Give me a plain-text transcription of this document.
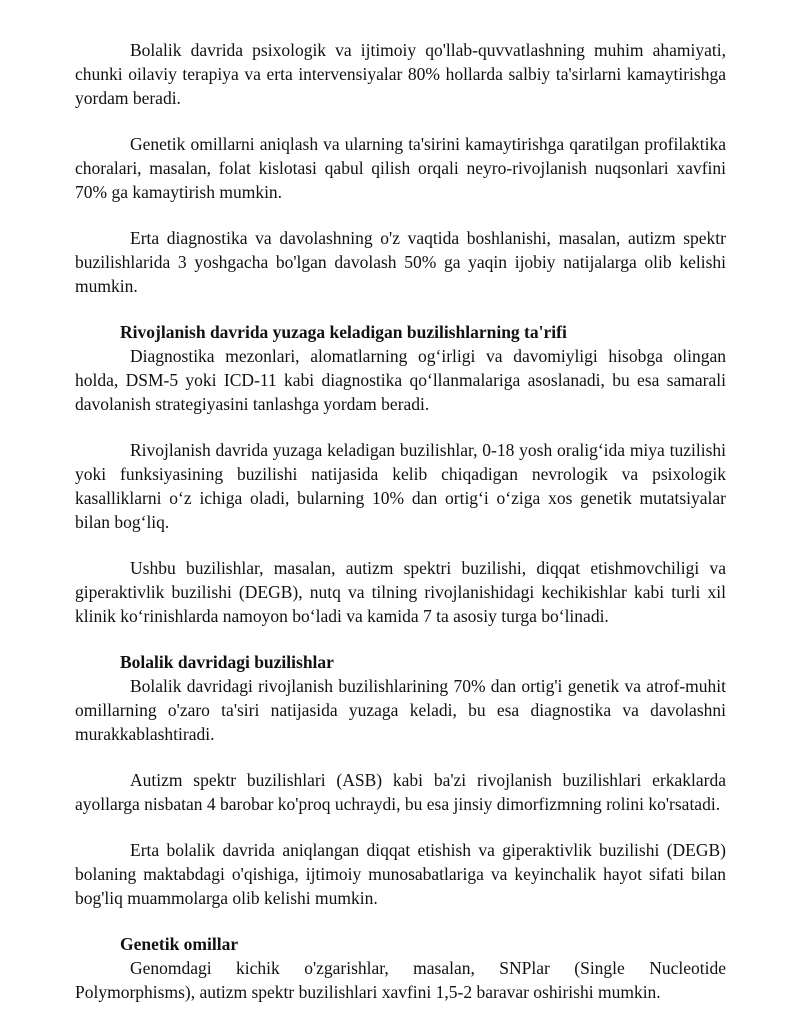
Bolalik davrida psixologik va ijtimoiy qo'llab-quvvatlashning muhim ahamiyati, chunki oilaviy terapiya va erta intervensiyalar 80% hollarda salbiy ta'sirlarni kamaytirishga yordam beradi.

Genetik omillarni aniqlash va ularning ta'sirini kamaytirishga qaratilgan profilaktika choralari, masalan, folat kislotasi qabul qilish orqali neyro-rivojlanish nuqsonlari xavfini 70% ga kamaytirish mumkin.

Erta diagnostika va davolashning o'z vaqtida boshlanishi, masalan, autizm spektr buzilishlarida 3 yoshgacha bo'lgan davolash 50% ga yaqin ijobiy natijalarga olib kelishi mumkin.

Rivojlanish davrida yuzaga keladigan buzilishlarning ta'rifi

Diagnostika mezonlari, alomatlarning og‘irligi va davomiyligi hisobga olingan holda, DSM-5 yoki ICD-11 kabi diagnostika qo‘llanmalariga asoslanadi, bu esa samarali davolanish strategiyasini tanlashga yordam beradi.

Rivojlanish davrida yuzaga keladigan buzilishlar, 0-18 yosh oralig‘ida miya tuzilishi yoki funksiyasining buzilishi natijasida kelib chiqadigan nevrologik va psixologik kasalliklarni o‘z ichiga oladi, bularning 10% dan ortig‘i o‘ziga xos genetik mutatsiyalar bilan bog‘liq.

Ushbu buzilishlar, masalan, autizm spektri buzilishi, diqqat etishmovchiligi va giperaktivlik buzilishi (DEGB), nutq va tilning rivojlanishidagi kechikishlar kabi turli xil klinik ko‘rinishlarda namoyon bo‘ladi va kamida 7 ta asosiy turga bo‘linadi.

Bolalik davridagi buzilishlar

Bolalik davridagi rivojlanish buzilishlarining 70% dan ortig'i genetik va atrof-muhit omillarning o'zaro ta'siri natijasida yuzaga keladi, bu esa diagnostika va davolashni murakkablashtiradi.

Autizm spektr buzilishlari (ASB) kabi ba'zi rivojlanish buzilishlari erkaklarda ayollarga nisbatan 4 barobar ko'proq uchraydi, bu esa jinsiy dimorfizmning rolini ko'rsatadi.

Erta bolalik davrida aniqlangan diqqat etishish va giperaktivlik buzilishi (DEGB) bolaning maktabdagi o'qishiga, ijtimoiy munosabatlariga va keyinchalik hayot sifati bilan bog'liq muammolarga olib kelishi mumkin.

Genetik omillar

Genomdagi kichik o'zgarishlar, masalan, SNPlar (Single Nucleotide Polymorphisms), autizm spektr buzilishlari xavfini 1,5-2 baravar oshirishi mumkin.
